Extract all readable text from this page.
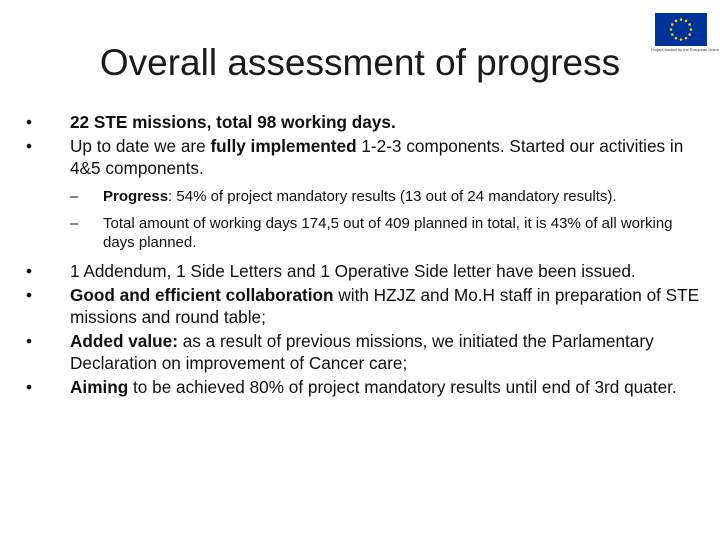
Overall assessment of progress	Project funded by the European Union

• 22 STE missions, total 98 working days.

• Up to date we are fully implemented 1-2-3 components. Started our activities in 4&5 components.

– Progress: 54% of project mandatory results (13 out of 24 mandatory results).

– Total amount of working days 174,5 out of 409 planned in total, it is 43% of all working days planned.

• 1 Addendum, 1 Side Letters and 1 Operative Side letter have been issued.

• Good and efficient collaboration with HZJZ and Mo.H staff in preparation of STE missions and round table;

• Added value: as a result of previous missions, we initiated the Parlamentary Declaration on improvement of Cancer care;

• Aiming to be achieved 80% of project mandatory results until end of 3rd quater.
